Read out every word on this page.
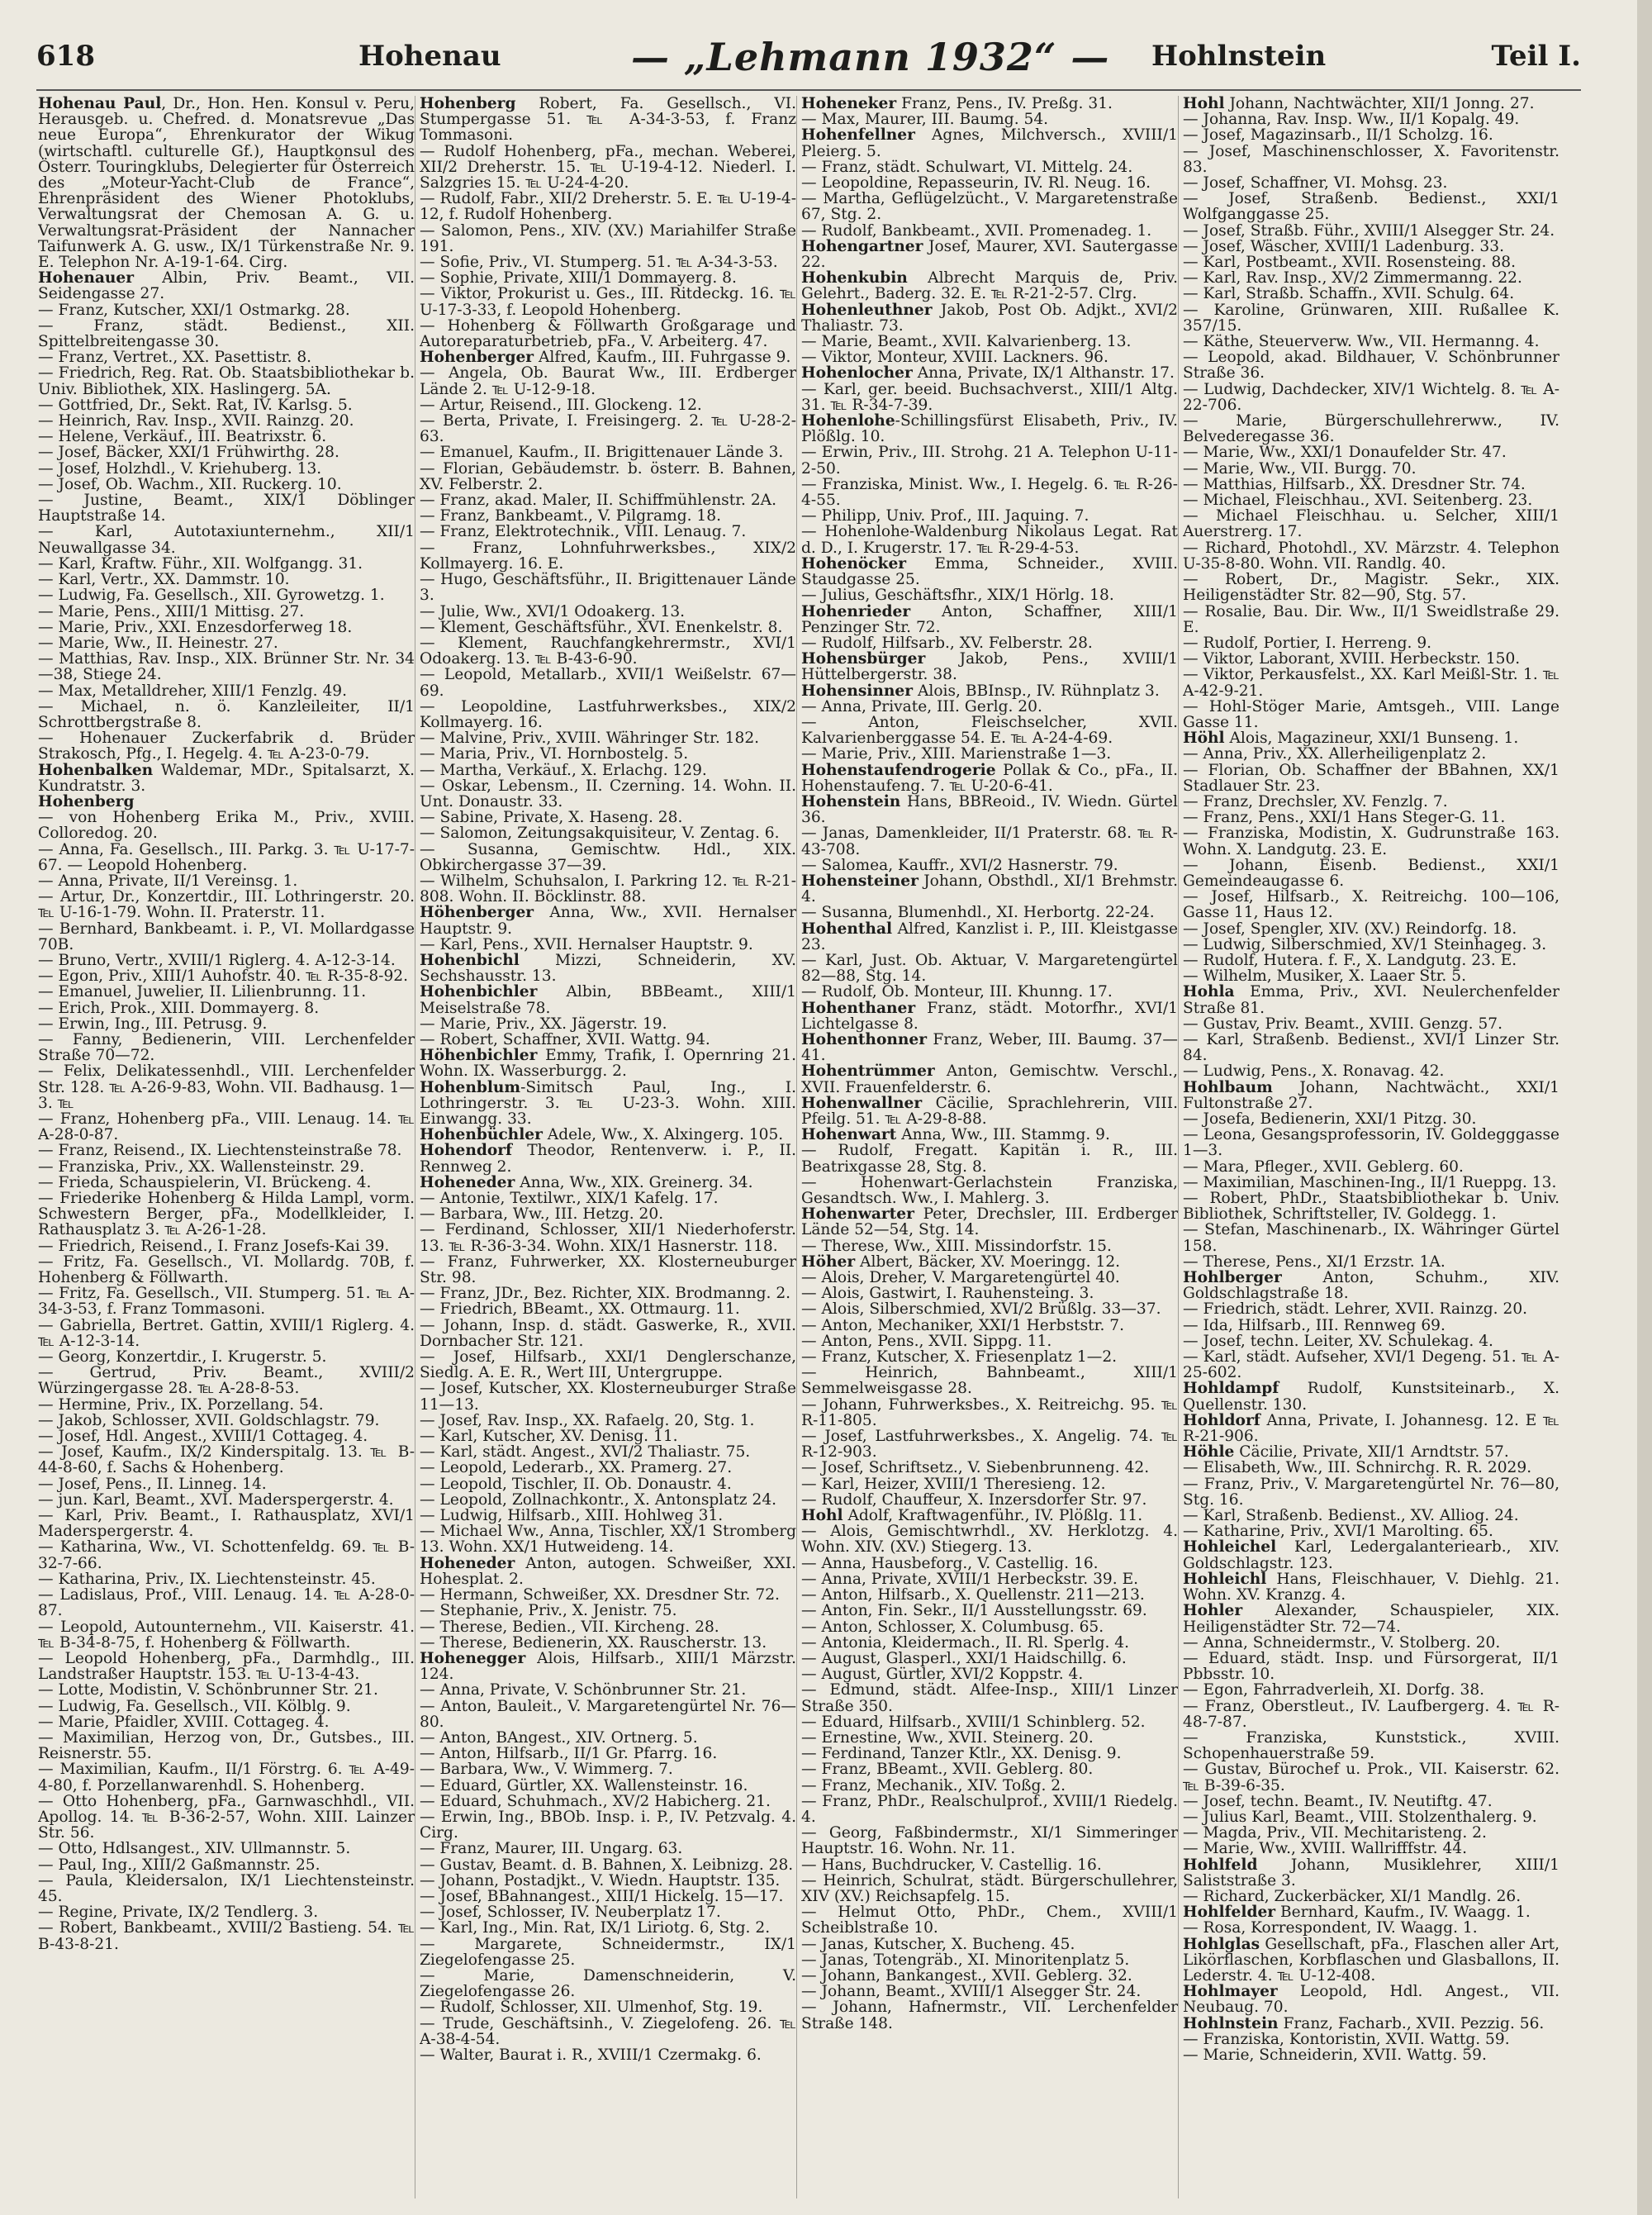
618	Hohenau	— „Lehmann 1932“ — Hohlnstein	Teil I.

Hohenau Paul, Dr., Hon. Hen. Konsul v. Peru, Herausgeb. u. Chefred. d. Monatsrevue „Das neue Europa“, Ehrenkurator der Wikug (wirtschaftl. culturelle Gf.), Hauptkonsul des Österr. Touringklubs, Delegierter für Österreich des „Moteur-Yacht-Club de France“, Ehrenpräsident des Wiener Photoklubs, Verwaltungsrat der Chemosan A. G. u. Verwaltungsrat-Präsident der Nannacher Taifunwerk A. G. usw., IX/1 Türkenstraße Nr. 9. E. Telephon Nr. A-19-1-64. Cirg.

Hohenauer Albin, Priv. Beamt., VII. Seidengasse 27.

— Franz, Kutscher, XXI/1 Ostmarkg. 28.

— Franz, städt. Bedienst., XII. Spittelbreitengasse 30.

— Franz, Vertret., XX. Pasettistr. 8.

— Friedrich, Reg. Rat. Ob. Staatsbibliothekar b. Univ. Bibliothek, XIX. Haslingerg. 5A.

— Gottfried, Dr., Sekt. Rat, IV. Karlsg. 5.

— Heinrich, Rav. Insp., XVII. Rainzg. 20.

— Helene, Verkäuf., III. Beatrixstr. 6.

— Josef, Bäcker, XXI/1 Frühwirthg. 28.

— Josef, Holzhdl., V. Kriehuberg. 13.

— Josef, Ob. Wachm., XII. Ruckerg. 10.

— Justine, Beamt., XIX/1 Döblinger Hauptstraße 14.

— Karl, Autotaxiunternehm., XII/1 Neuwallgasse 34.

— Karl, Kraftw. Führ., XII. Wolfgangg. 31.

— Karl, Vertr., XX. Dammstr. 10.

— Ludwig, Fa. Gesellsch., XII. Gyrowetzg. 1.

— Marie, Pens., XIII/1 Mittisg. 27.

— Marie, Priv., XXI. Enzesdorferweg 18.

— Marie, Ww., II. Heinestr. 27.

— Matthias, Rav. Insp., XIX. Brünner Str. Nr. 34—38, Stiege 24.

— Max, Metalldreher, XIII/1 Fenzlg. 49.

— Michael, n. ö. Kanzleileiter, II/1 Schrottbergstraße 8.

— Hohenauer Zuckerfabrik d. Brüder Strakosch, Pfg., I. Hegelg. 4. ℡ A-23-0-79.

Hohenbalken Waldemar, MDr., Spitalsarzt, X. Kundratstr. 3.

Hohenberg

— von Hohenberg Erika M., Priv., XVIII. Colloredog. 20.

— Anna, Fa. Gesellsch., III. Parkg. 3. ℡ U-17-7-67. — Leopold Hohenberg.

— Anna, Private, II/1 Vereinsg. 1.

— Artur, Dr., Konzertdir., III. Lothringerstr. 20. ℡ U-16-1-79. Wohn. II. Praterstr. 11.

— Bernhard, Bankbeamt. i. P., VI. Mollardgasse 70B.

— Bruno, Vertr., XVIII/1 Riglerg. 4. A-12-3-14.

— Egon, Priv., XIII/1 Auhofstr. 40. ℡ R-35-8-92.

— Emanuel, Juwelier, II. Lilienbrunng. 11.

— Erich, Prok., XIII. Dommayerg. 8.

— Erwin, Ing., III. Petrusg. 9.

— Fanny, Bedienerin, VIII. Lerchenfelder Straße 70—72.

— Felix, Delikatessenhdl., VIII. Lerchenfelder Str. 128. ℡ A-26-9-83, Wohn. VII. Badhausg. 1—3. ℡

— Franz, Hohenberg pFa., VIII. Lenaug. 14. ℡ A-28-0-87.

— Franz, Reisend., IX. Liechtensteinstraße 78.

— Franziska, Priv., XX. Wallensteinstr. 29.

— Frieda, Schauspielerin, VI. Brückeng. 4.

— Friederike Hohenberg & Hilda Lampl, vorm. Schwestern Berger, pFa., Modellkleider, I. Rathausplatz 3. ℡ A-26-1-28.

— Friedrich, Reisend., I. Franz Josefs-Kai 39.

— Fritz, Fa. Gesellsch., VI. Mollardg. 70B, f. Hohenberg & Föllwarth.

— Fritz, Fa. Gesellsch., VII. Stumperg. 51. ℡ A-34-3-53, f. Franz Tommasoni.

— Gabriella, Bertret. Gattin, XVIII/1 Riglerg. 4. ℡ A-12-3-14.

— Georg, Konzertdir., I. Krugerstr. 5.

— Gertrud, Priv. Beamt., XVIII/2 Würzingergasse 28. ℡ A-28-8-53.

— Hermine, Priv., IX. Porzellang. 54.

— Jakob, Schlosser, XVII. Goldschlagstr. 79.

— Josef, Hdl. Angest., XVIII/1 Cottageg. 4.

— Josef, Kaufm., IX/2 Kinderspitalg. 13. ℡ B-44-8-60, f. Sachs & Hohenberg.

— Josef, Pens., II. Linneg. 14.

— jun. Karl, Beamt., XVI. Maderspergerstr. 4.

— Karl, Priv. Beamt., I. Rathausplatz, XVI/1 Maderspergerstr. 4.

— Katharina, Ww., VI. Schottenfeldg. 69. ℡ B-32-7-66.

— Katharina, Priv., IX. Liechtensteinstr. 45.

— Ladislaus, Prof., VIII. Lenaug. 14. ℡ A-28-0-87.

— Leopold, Autounternehm., VII. Kaiserstr. 41. ℡ B-34-8-75, f. Hohenberg & Föllwarth.

— Leopold Hohenberg, pFa., Darmhdlg., III. Landstraßer Hauptstr. 153. ℡ U-13-4-43.

— Lotte, Modistin, V. Schönbrunner Str. 21.

— Ludwig, Fa. Gesellsch., VII. Kölblg. 9.

— Marie, Pfaidler, XVIII. Cottageg. 4.

— Maximilian, Herzog von, Dr., Gutsbes., III. Reisnerstr. 55.

— Maximilian, Kaufm., II/1 Förstrg. 6. ℡ A-49-4-80, f. Porzellanwarenhdl. S. Hohenberg.

— Otto Hohenberg, pFa., Garnwaschhdl., VII. Apollog. 14. ℡ B-36-2-57, Wohn. XIII. Lainzer Str. 56.

— Otto, Hdlsangest., XIV. Ullmannstr. 5.

— Paul, Ing., XIII/2 Gaßmannstr. 25.

— Paula, Kleidersalon, IX/1 Liechtensteinstr. 45.

— Regine, Private, IX/2 Tendlerg. 3.

— Robert, Bankbeamt., XVIII/2 Bastieng. 54. ℡ B-43-8-21.

Hohenberg Robert, Fa. Gesellsch., VI. Stumpergasse 51. ℡ A-34-3-53, f. Franz Tommasoni.

— Rudolf Hohenberg, pFa., mechan. Weberei, XII/2 Dreherstr. 15. ℡ U-19-4-12. Niederl. I. Salzgries 15. ℡ U-24-4-20.

— Rudolf, Fabr., XII/2 Dreherstr. 5. E. ℡ U-19-4-12, f. Rudolf Hohenberg.

— Salomon, Pens., XIV. (XV.) Mariahilfer Straße 191.

— Sofie, Priv., VI. Stumperg. 51. ℡ A-34-3-53.

— Sophie, Private, XIII/1 Dommayerg. 8.

— Viktor, Prokurist u. Ges., III. Ritdeckg. 16. ℡ U-17-3-33, f. Leopold Hohenberg.

— Hohenberg & Föllwarth Großgarage und Autoreparaturbetrieb, pFa., V. Arbeiterg. 47.

Hohenberger Alfred, Kaufm., III. Fuhrgasse 9.

— Angela, Ob. Baurat Ww., III. Erdberger Lände 2. ℡ U-12-9-18.

— Artur, Reisend., III. Glockeng. 12.

— Berta, Private, I. Freisingerg. 2. ℡ U-28-2-63.

— Emanuel, Kaufm., II. Brigittenauer Lände 3.

— Florian, Gebäudemstr. b. österr. B. Bahnen, XV. Felberstr. 2.

— Franz, akad. Maler, II. Schiffmühlenstr. 2A.

— Franz, Bankbeamt., V. Pilgramg. 18.

— Franz, Elektrotechnik., VIII. Lenaug. 7.

— Franz, Lohnfuhrwerksbes., XIX/2 Kollmayerg. 16. E.

— Hugo, Geschäftsführ., II. Brigittenauer Lände 3.

— Julie, Ww., XVI/1 Odoakerg. 13.

— Klement, Geschäftsführ., XVI. Enenkelstr. 8.

— Klement, Rauchfangkehrermstr., XVI/1 Odoakerg. 13. ℡ B-43-6-90.

— Leopold, Metallarb., XVII/1 Weißelstr. 67—69.

— Leopoldine, Lastfuhrwerksbes., XIX/2 Kollmayerg. 16.

— Malvine, Priv., XVIII. Währinger Str. 182.

— Maria, Priv., VI. Hornbostelg. 5.

— Martha, Verkäuf., X. Erlachg. 129.

— Oskar, Lebensm., II. Czerning. 14. Wohn. II. Unt. Donaustr. 33.

— Sabine, Private, X. Haseng. 28.

— Salomon, Zeitungsakquisiteur, V. Zentag. 6.

— Susanna, Gemischtw. Hdl., XIX. Obkirchergasse 37—39.

— Wilhelm, Schuhsalon, I. Parkring 12. ℡ R-21-808. Wohn. II. Böcklinstr. 88.

Höhenberger Anna, Ww., XVII. Hernalser Hauptstr. 9.

— Karl, Pens., XVII. Hernalser Hauptstr. 9.

Hohenbichl Mizzi, Schneiderin, XV. Sechshausstr. 13.

Hohenbichler Albin, BBBeamt., XIII/1 Meiselstraße 78.

— Marie, Priv., XX. Jägerstr. 19.

— Robert, Schaffner, XVII. Wattg. 94.

Höhenbichler Emmy, Trafik, I. Opernring 21. Wohn. IX. Wasserburgg. 2.

Hohenblum-Simitsch Paul, Ing., I. Lothringerstr. 3. ℡ U-23-3. Wohn. XIII. Einwangg. 33.

Hohenbüchler Adele, Ww., X. Alxingerg. 105.

Hohendorf Theodor, Rentenverw. i. P., II. Rennweg 2.

Hoheneder Anna, Ww., XIX. Greinerg. 34.

— Antonie, Textilwr., XIX/1 Kafelg. 17.

— Barbara, Ww., III. Hetzg. 20.

— Ferdinand, Schlosser, XII/1 Niederhoferstr. 13. ℡ R-36-3-34. Wohn. XIX/1 Hasnerstr. 118.

— Franz, Fuhrwerker, XX. Klosterneuburger Str. 98.

— Franz, JDr., Bez. Richter, XIX. Brodmanng. 2.

— Friedrich, BBeamt., XX. Ottmaurg. 11.

— Johann, Insp. d. städt. Gaswerke, R., XVII. Dornbacher Str. 121.

— Josef, Hilfsarb., XXI/1 Denglerschanze, Siedlg. A. E. R., Wert III, Untergruppe.

— Josef, Kutscher, XX. Klosterneuburger Straße 11—13.

— Josef, Rav. Insp., XX. Rafaelg. 20, Stg. 1.

— Karl, Kutscher, XV. Denisg. 11.

— Karl, städt. Angest., XVI/2 Thaliastr. 75.

— Leopold, Lederarb., XX. Pramerg. 27.

— Leopold, Tischler, II. Ob. Donaustr. 4.

— Leopold, Zollnachkontr., X. Antonsplatz 24.

— Ludwig, Hilfsarb., XIII. Hohlweg 31.

— Michael Ww., Anna, Tischler, XX/1 Stromberg 13. Wohn. XX/1 Hutweideng. 14.

Hoheneder Anton, autogen. Schweißer, XXI. Hohesplat. 2.

— Hermann, Schweißer, XX. Dresdner Str. 72.

— Stephanie, Priv., X. Jenistr. 75.

— Therese, Bedien., VII. Kircheng. 28.

— Therese, Bedienerin, XX. Rauscherstr. 13.

Hohenegger Alois, Hilfsarb., XIII/1 Märzstr. 124.

— Anna, Private, V. Schönbrunner Str. 21.

— Anton, Bauleit., V. Margaretengürtel Nr. 76—80.

— Anton, BAngest., XIV. Ortnerg. 5.

— Anton, Hilfsarb., II/1 Gr. Pfarrg. 16.

— Barbara, Ww., V. Wimmerg. 7.

— Eduard, Gürtler, XX. Wallensteinstr. 16.

— Eduard, Schuhmach., XV/2 Habicherg. 21.

— Erwin, Ing., BBOb. Insp. i. P., IV. Petzvalg. 4. Cirg.

— Franz, Maurer, III. Ungarg. 63.

— Gustav, Beamt. d. B. Bahnen, X. Leibnizg. 28.

— Johann, Postadjkt., V. Wiedn. Hauptstr. 135.

— Josef, BBahnangest., XIII/1 Hickelg. 15—17.

— Josef, Schlosser, IV. Neuberplatz 17.

— Karl, Ing., Min. Rat, IX/1 Liriotg. 6, Stg. 2.

— Margarete, Schneidermstr., IX/1 Ziegelofengasse 25.

— Marie, Damenschneiderin, V. Ziegelofengasse 26.

— Rudolf, Schlosser, XII. Ulmenhof, Stg. 19.

— Trude, Geschäftsinh., V. Ziegelofeng. 26. ℡ A-38-4-54.

— Walter, Baurat i. R., XVIII/1 Czermakg. 6.

Hoheneker Franz, Pens., IV. Preßg. 31.

— Max, Maurer, III. Baumg. 54.

Hohenfellner Agnes, Milchversch., XVIII/1 Pleierg. 5.

— Franz, städt. Schulwart, VI. Mittelg. 24.

— Leopoldine, Repasseurin, IV. Rl. Neug. 16.

— Martha, Geflügelzücht., V. Margaretenstraße 67, Stg. 2.

— Rudolf, Bankbeamt., XVII. Promenadeg. 1.

Hohengartner Josef, Maurer, XVI. Sautergasse 22.

Hohenkubin Albrecht Marquis de, Priv. Gelehrt., Baderg. 32. E. ℡ R-21-2-57. Clrg.

Hohenleuthner Jakob, Post Ob. Adjkt., XVI/2 Thaliastr. 73.

— Marie, Beamt., XVII. Kalvarienberg. 13.

— Viktor, Monteur, XVIII. Lackners. 96.

Hohenlocher Anna, Private, IX/1 Althanstr. 17.

— Karl, ger. beeid. Buchsachverst., XIII/1 Altg. 31. ℡ R-34-7-39.

Hohenlohe-Schillingsfürst Elisabeth, Priv., IV. Plößlg. 10.

— Erwin, Priv., III. Strohg. 21 A. Telephon U-11-2-50.

— Franziska, Minist. Ww., I. Hegelg. 6. ℡ R-26-4-55.

— Philipp, Univ. Prof., III. Jaquing. 7.

— Hohenlohe-Waldenburg Nikolaus Legat. Rat d. D., I. Krugerstr. 17. ℡ R-29-4-53.

Hohenöcker Emma, Schneider., XVIII. Staudgasse 25.

— Julius, Geschäftsfhr., XIX/1 Hörlg. 18.

Hohenrieder Anton, Schaffner, XIII/1 Penzinger Str. 72.

— Rudolf, Hilfsarb., XV. Felberstr. 28.

Hohensbürger Jakob, Pens., XVIII/1 Hüttelbergerstr. 38.

Hohensinner Alois, BBInsp., IV. Rühnplatz 3.

— Anna, Private, III. Gerlg. 20.

— Anton, Fleischselcher, XVII. Kalvarienberggasse 54. E. ℡ A-24-4-69.

— Marie, Priv., XIII. Marienstraße 1—3.

Hohenstaufendrogerie Pollak & Co., pFa., II. Hohenstaufeng. 7. ℡ U-20-6-41.

Hohenstein Hans, BBReoid., IV. Wiedn. Gürtel 36.

— Janas, Damenkleider, II/1 Praterstr. 68. ℡ R-43-708.

— Salomea, Kauffr., XVI/2 Hasnerstr. 79.

Hohensteiner Johann, Obsthdl., XI/1 Brehmstr. 4.

— Susanna, Blumenhdl., XI. Herbortg. 22-24.

Hohenthal Alfred, Kanzlist i. P., III. Kleistgasse 23.

— Karl, Just. Ob. Aktuar, V. Margaretengürtel 82—88, Stg. 14.

— Rudolf, Ob. Monteur, III. Khunng. 17.

Hohenthaner Franz, städt. Motorfhr., XVI/1 Lichtelgasse 8.

Hohenthonner Franz, Weber, III. Baumg. 37—41.

Hohentrümmer Anton, Gemischtw. Verschl., XVII. Frauenfelderstr. 6.

Hohenwallner Cäcilie, Sprachlehrerin, VIII. Pfeilg. 51. ℡ A-29-8-88.

Hohenwart Anna, Ww., III. Stammg. 9.

— Rudolf, Fregatt. Kapitän i. R., III. Beatrixgasse 28, Stg. 8.

— Hohenwart-Gerlachstein Franziska, Gesandtsch. Ww., I. Mahlerg. 3.

Hohenwarter Peter, Drechsler, III. Erdberger Lände 52—54, Stg. 14.

— Therese, Ww., XIII. Missindorfstr. 15.

Höher Albert, Bäcker, XV. Moeringg. 12.

— Alois, Dreher, V. Margaretengürtel 40.

— Alois, Gastwirt, I. Rauhensteing. 3.

— Alois, Silberschmied, XVI/2 Brüßlg. 33—37.

— Anton, Mechaniker, XXI/1 Herbststr. 7.

— Anton, Pens., XVII. Sippg. 11.

— Franz, Kutscher, X. Friesenplatz 1—2.

— Heinrich, Bahnbeamt., XIII/1 Semmelweisgasse 28.

— Johann, Fuhrwerksbes., X. Reitreichg. 95. ℡ R-11-805.

— Josef, Lastfuhrwerksbes., X. Angelig. 74. ℡ R-12-903.

— Josef, Schriftsetz., V. Siebenbrunneng. 42.

— Karl, Heizer, XVIII/1 Theresieng. 12.

— Rudolf, Chauffeur, X. Inzersdorfer Str. 97.

Hohl Adolf, Kraftwagenführ., IV. Plößlg. 11.

— Alois, Gemischtwrhdl., XV. Herklotzg. 4. Wohn. XIV. (XV.) Stiegerg. 13.

— Anna, Hausbeforg., V. Castellig. 16.

— Anna, Private, XVIII/1 Herbeckstr. 39. E.

— Anton, Hilfsarb., X. Quellenstr. 211—213.

— Anton, Fin. Sekr., II/1 Ausstellungsstr. 69.

— Anton, Schlosser, X. Columbusg. 65.

— Antonia, Kleidermach., II. Rl. Sperlg. 4.

— August, Glasperl., XXI/1 Haidschillg. 6.

— August, Gürtler, XVI/2 Koppstr. 4.

— Edmund, städt. Alfee-Insp., XIII/1 Linzer Straße 350.

— Eduard, Hilfsarb., XVIII/1 Schinblerg. 52.

— Ernestine, Ww., XVII. Steinerg. 20.

— Ferdinand, Tanzer Ktlr., XX. Denisg. 9.

— Franz, BBeamt., XVII. Geblerg. 80.

— Franz, Mechanik., XIV. Toßg. 2.

— Franz, PhDr., Realschulprof., XVIII/1 Riedelg. 4.

— Georg, Faßbindermstr., XI/1 Simmeringer Hauptstr. 16. Wohn. Nr. 11.

— Hans, Buchdrucker, V. Castellig. 16.

— Heinrich, Schulrat, städt. Bürgerschullehrer, XIV (XV.) Reichsapfelg. 15.

— Helmut Otto, PhDr., Chem., XVIII/1 Scheiblstraße 10.

— Janas, Kutscher, X. Bucheng. 45.

— Janas, Totengräb., XI. Minoritenplatz 5.

— Johann, Bankangest., XVII. Geblerg. 32.

— Johann, Beamt., XVIII/1 Alsegger Str. 24.

— Johann, Hafnermstr., VII. Lerchenfelder Straße 148.

Hohl Johann, Nachtwächter, XII/1 Jonng. 27.

— Johanna, Rav. Insp. Ww., II/1 Kopalg. 49.

— Josef, Magazinsarb., II/1 Scholzg. 16.

— Josef, Maschinenschlosser, X. Favoritenstr. 83.

— Josef, Schaffner, VI. Mohsg. 23.

— Josef, Straßenb. Bedienst., XXI/1 Wolfganggasse 25.

— Josef, Straßb. Führ., XVIII/1 Alsegger Str. 24.

— Josef, Wäscher, XVIII/1 Ladenburg. 33.

— Karl, Postbeamt., XVII. Rosensteing. 88.

— Karl, Rav. Insp., XV/2 Zimmermanng. 22.

— Karl, Straßb. Schaffn., XVII. Schulg. 64.

— Karoline, Grünwaren, XIII. Rußallee K. 357/15.

— Käthe, Steuerverw. Ww., VII. Hermanng. 4.

— Leopold, akad. Bildhauer, V. Schönbrunner Straße 36.

— Ludwig, Dachdecker, XIV/1 Wichtelg. 8. ℡ A-22-706.

— Marie, Bürgerschullehrerww., IV. Belvederegasse 36.

— Marie, Ww., XXI/1 Donaufelder Str. 47.

— Marie, Ww., VII. Burgg. 70.

— Matthias, Hilfsarb., XX. Dresdner Str. 74.

— Michael, Fleischhau., XVI. Seitenberg. 23.

— Michael Fleischhau. u. Selcher, XIII/1 Auerstrerg. 17.

— Richard, Photohdl., XV. Märzstr. 4. Telephon U-35-8-80. Wohn. VII. Randlg. 40.

— Robert, Dr., Magistr. Sekr., XIX. Heiligenstädter Str. 82—90, Stg. 57.

— Rosalie, Bau. Dir. Ww., II/1 Sweidlstraße 29. E.

— Rudolf, Portier, I. Herreng. 9.

— Viktor, Laborant, XVIII. Herbeckstr. 150.

— Viktor, Perkausfelst., XX. Karl Meißl-Str. 1. ℡ A-42-9-21.

— Hohl-Stöger Marie, Amtsgeh., VIII. Lange Gasse 11.

Höhl Alois, Magazineur, XXI/1 Bunseng. 1.

— Anna, Priv., XX. Allerheiligenplatz 2.

— Florian, Ob. Schaffner der BBahnen, XX/1 Stadlauer Str. 23.

— Franz, Drechsler, XV. Fenzlg. 7.

— Franz, Pens., XXI/1 Hans Steger-G. 11.

— Franziska, Modistin, X. Gudrunstraße 163. Wohn. X. Landgutg. 23. E.

— Johann, Eisenb. Bedienst., XXI/1 Gemeindeaugasse 6.

— Josef, Hilfsarb., X. Reitreichg. 100—106, Gasse 11, Haus 12.

— Josef, Spengler, XIV. (XV.) Reindorfg. 18.

— Ludwig, Silberschmied, XV/1 Steinhageg. 3.

— Rudolf, Hutera. f. F., X. Landgutg. 23. E.

— Wilhelm, Musiker, X. Laaer Str. 5.

Hohla Emma, Priv., XVI. Neulerchenfelder Straße 81.

— Gustav, Priv. Beamt., XVIII. Genzg. 57.

— Karl, Straßenb. Bedienst., XVI/1 Linzer Str. 84.

— Ludwig, Pens., X. Ronavag. 42.

Hohlbaum Johann, Nachtwächt., XXI/1 Fultonstraße 27.

— Josefa, Bedienerin, XXI/1 Pitzg. 30.

— Leona, Gesangsprofessorin, IV. Goldegggasse 1—3.

— Mara, Pfleger., XVII. Geblerg. 60.

— Maximilian, Maschinen-Ing., II/1 Rueppg. 13.

— Robert, PhDr., Staatsbibliothekar b. Univ. Bibliothek, Schriftsteller, IV. Goldegg. 1.

— Stefan, Maschinenarb., IX. Währinger Gürtel 158.

— Therese, Pens., XI/1 Erzstr. 1A.

Hohlberger Anton, Schuhm., XIV. Goldschlagstraße 18.

— Friedrich, städt. Lehrer, XVII. Rainzg. 20.

— Ida, Hilfsarb., III. Rennweg 69.

— Josef, techn. Leiter, XV. Schulekag. 4.

— Karl, städt. Aufseher, XVI/1 Degeng. 51. ℡ A-25-602.

Hohldampf Rudolf, Kunstsiteinarb., X. Quellenstr. 130.

Hohldorf Anna, Private, I. Johannesg. 12. E ℡ R-21-906.

Höhle Cäcilie, Private, XII/1 Arndtstr. 57.

— Elisabeth, Ww., III. Schnirchg. R. R. 2029.

— Franz, Priv., V. Margaretengürtel Nr. 76—80, Stg. 16.

— Karl, Straßenb. Bedienst., XV. Alliog. 24.

— Katharine, Priv., XVI/1 Marolting. 65.

Hohleichel Karl, Ledergalanteriearb., XIV. Goldschlagstr. 123.

Hohleichl Hans, Fleischhauer, V. Diehlg. 21. Wohn. XV. Kranzg. 4.

Hohler Alexander, Schauspieler, XIX. Heiligenstädter Str. 72—74.

— Anna, Schneidermstr., V. Stolberg. 20.

— Eduard, städt. Insp. und Fürsorgerat, II/1 Pbbsstr. 10.

— Egon, Fahrradverleih, XI. Dorfg. 38.

— Franz, Oberstleut., IV. Laufbergerg. 4. ℡ R-48-7-87.

— Franziska, Kunststick., XVIII. Schopenhauerstraße 59.

— Gustav, Bürochef u. Prok., VII. Kaiserstr. 62. ℡ B-39-6-35.

— Josef, techn. Beamt., IV. Neutiftg. 47.

— Julius Karl, Beamt., VIII. Stolzenthalerg. 9.

— Magda, Priv., VII. Mechitaristeng. 2.

— Marie, Ww., XVIII. Wallrifffstr. 44.

Hohlfeld Johann, Musiklehrer, XIII/1 Saliststraße 3.

— Richard, Zuckerbäcker, XI/1 Mandlg. 26.

Hohlfelder Bernhard, Kaufm., IV. Waagg. 1.

— Rosa, Korrespondent, IV. Waagg. 1.

Hohlglas Gesellschaft, pFa., Flaschen aller Art, Likörflaschen, Korbflaschen und Glasballons, II. Lederstr. 4. ℡ U-12-408.

Hohlmayer Leopold, Hdl. Angest., VII. Neubaug. 70.

Hohlnstein Franz, Facharb., XVII. Pezzig. 56.

— Franziska, Kontoristin, XVII. Wattg. 59.

— Marie, Schneiderin, XVII. Wattg. 59.
